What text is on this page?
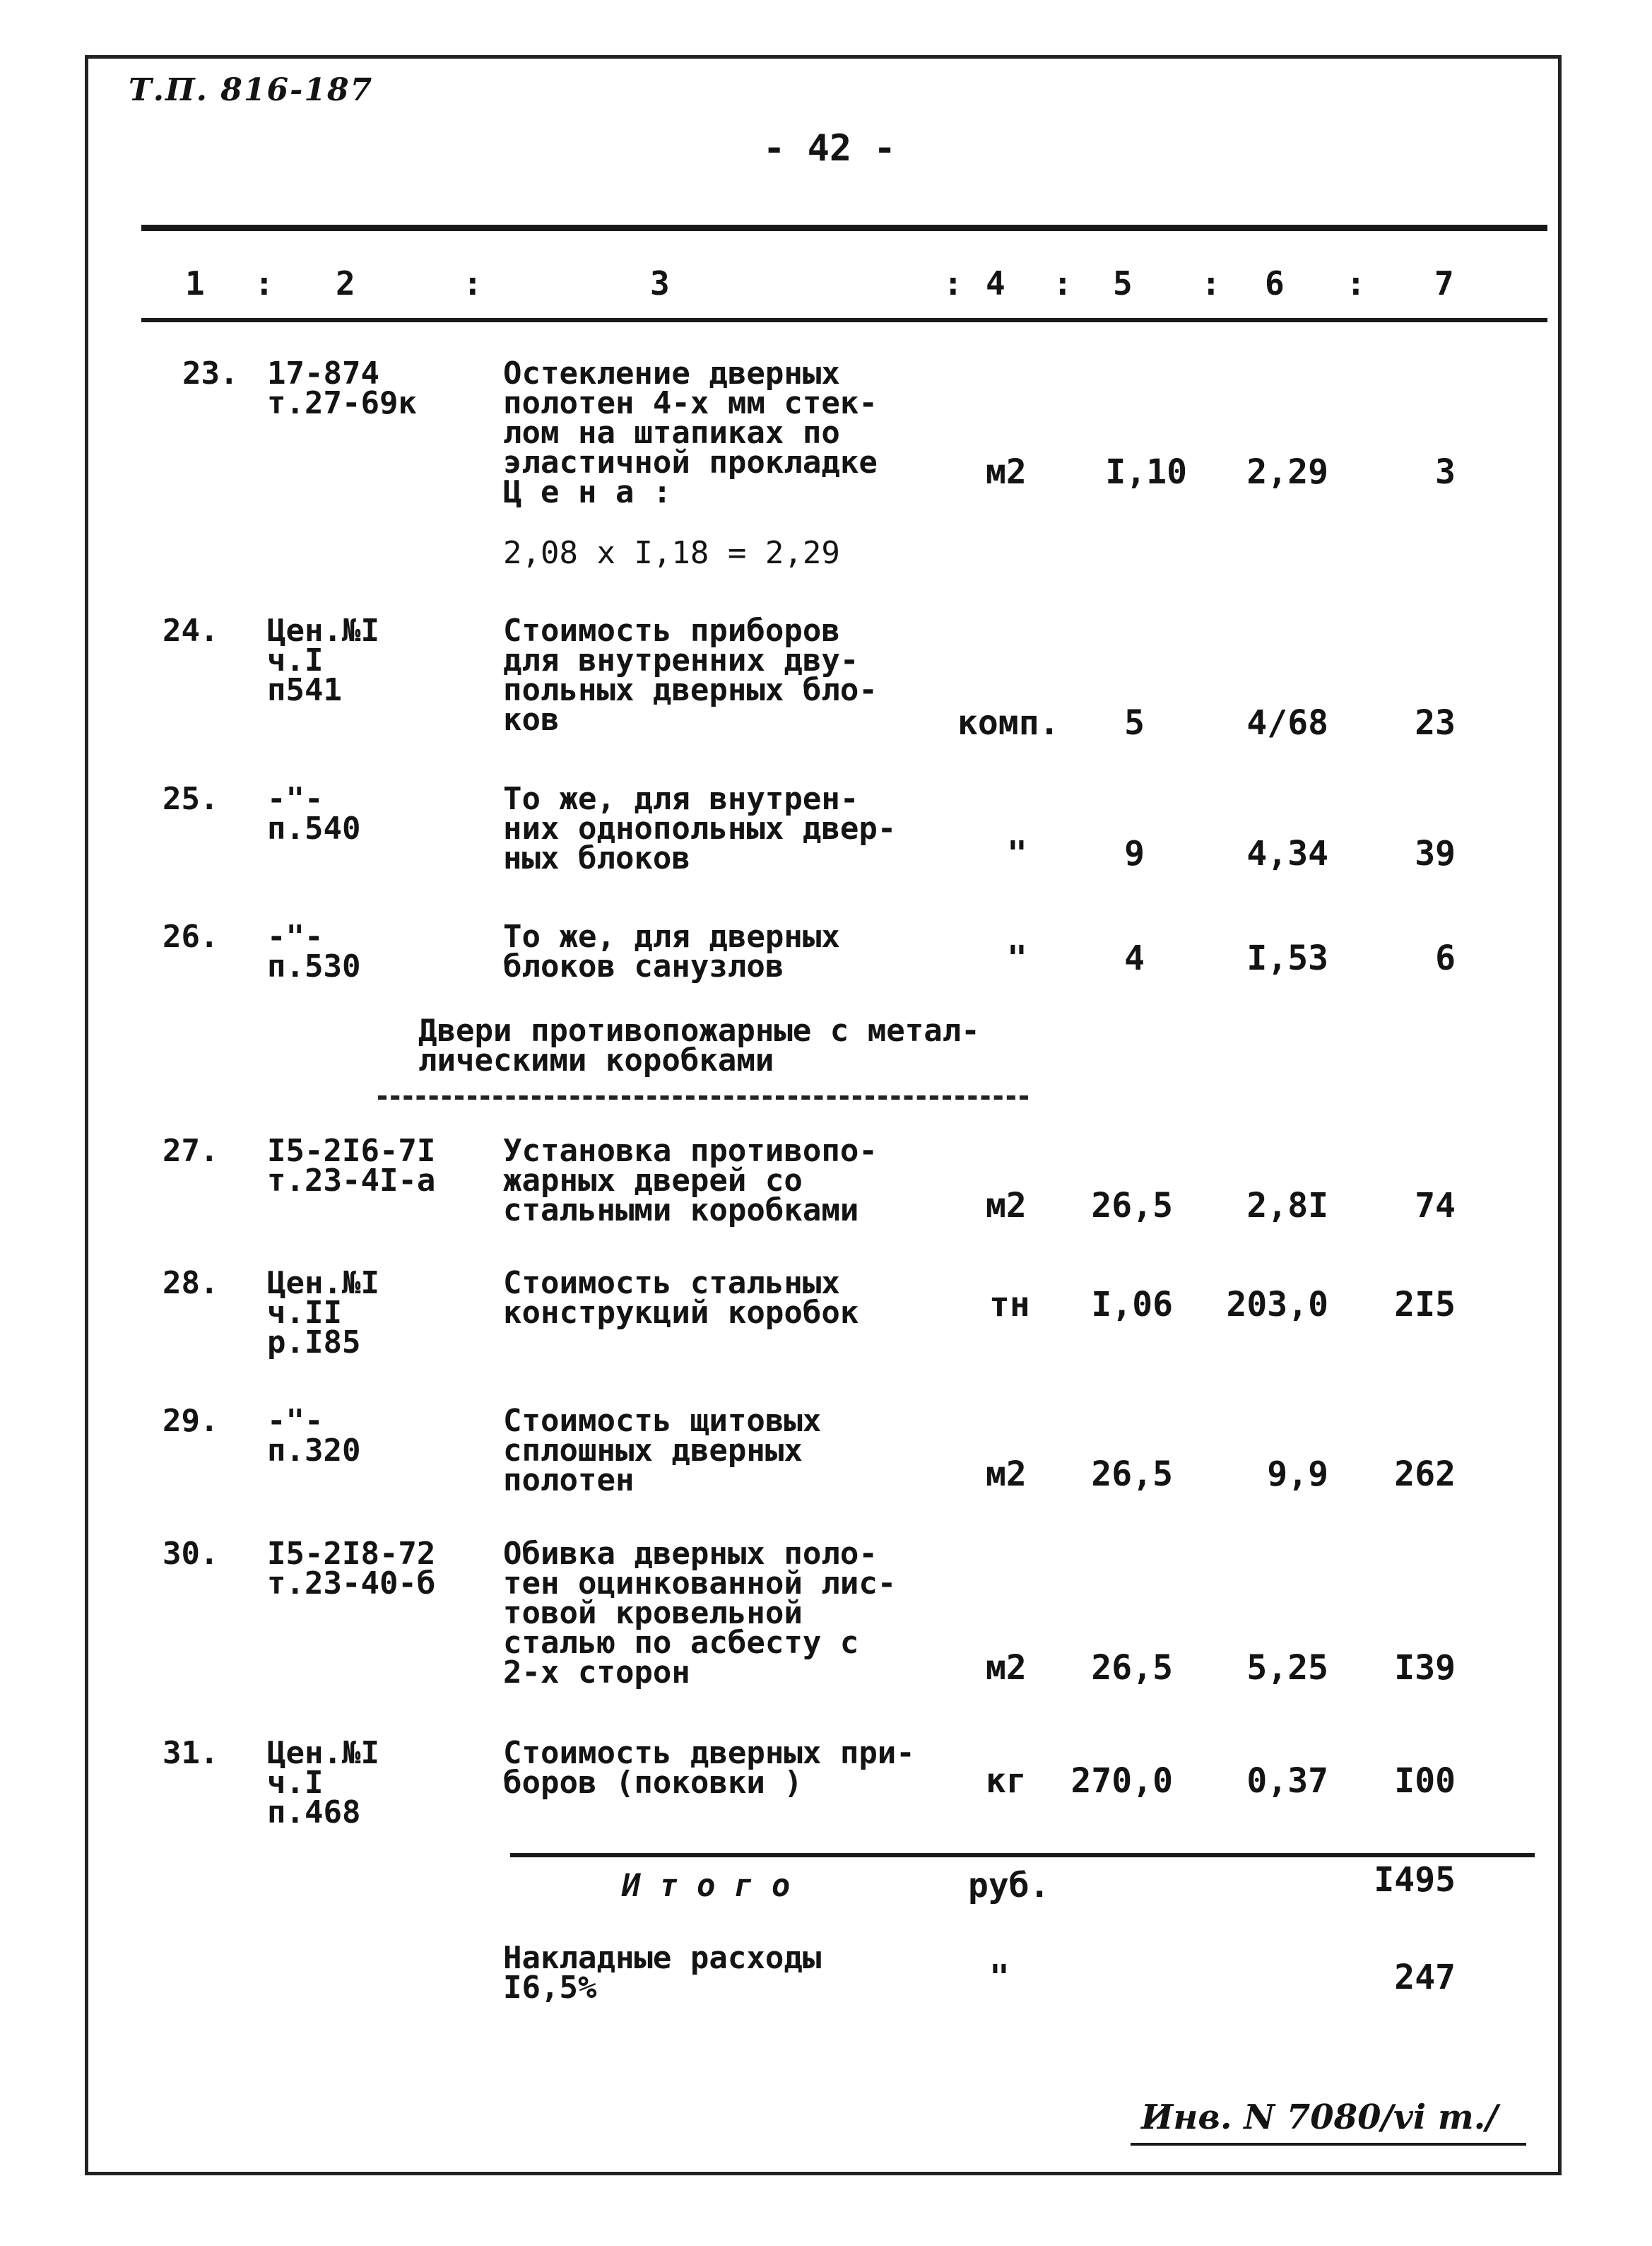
Т.П. 816-187
- 42 -
1 : 2	:	3	: 4 : 5 : 6 : 7
23. 17-874
т.27-69к
Остекление дверных
полотен 4-х мм стек-
лом на штапиках по
эластичной прокладке
Ц е н а :
2,08 x I,18 = 2,29
м2	I,10	2,29	3
24. Цен.№I
ч.I
п541
Стоимость приборов
для внутренних дву-
польных дверных бло-
ков	комп.	5	4/68	23
25. -"-
п.540
То же, для внутрен-
них однопольных двер-
ных блоков	"	9	4,34	39
26. -"-
п.530
То же, для дверных
блоков санузлов	"	4	I,53	6
Двери противопожарные с метал-
лическими коробками
27. I5-2I6-7I
т.23-4I-а
Установка противопо-
жарных дверей со
стальными коробками	м2	26,5	2,8I	74
28. Цен.№I
ч.II
р.I85
Стоимость стальных
конструкций коробок	тн	I,06	203,0	2I5
29. -"-
п.320
Стоимость щитовых
сплошных дверных
полотен	м2	26,5	9,9	262
30. I5-2I8-72
т.23-40-б
Обивка дверных поло-
тен оцинкованной лис-
товой кровельной
сталью по асбесту с
2-х сторон	м2	26,5	5,25	I39
31. Цен.№I
ч.I
п.468
Стоимость дверных при-
боров (поковки )	кг	270,0	0,37	I00
И т о г о	руб.	I495
Накладные расходы
I6,5%	"	247
Инв. N 7080/vi т./
